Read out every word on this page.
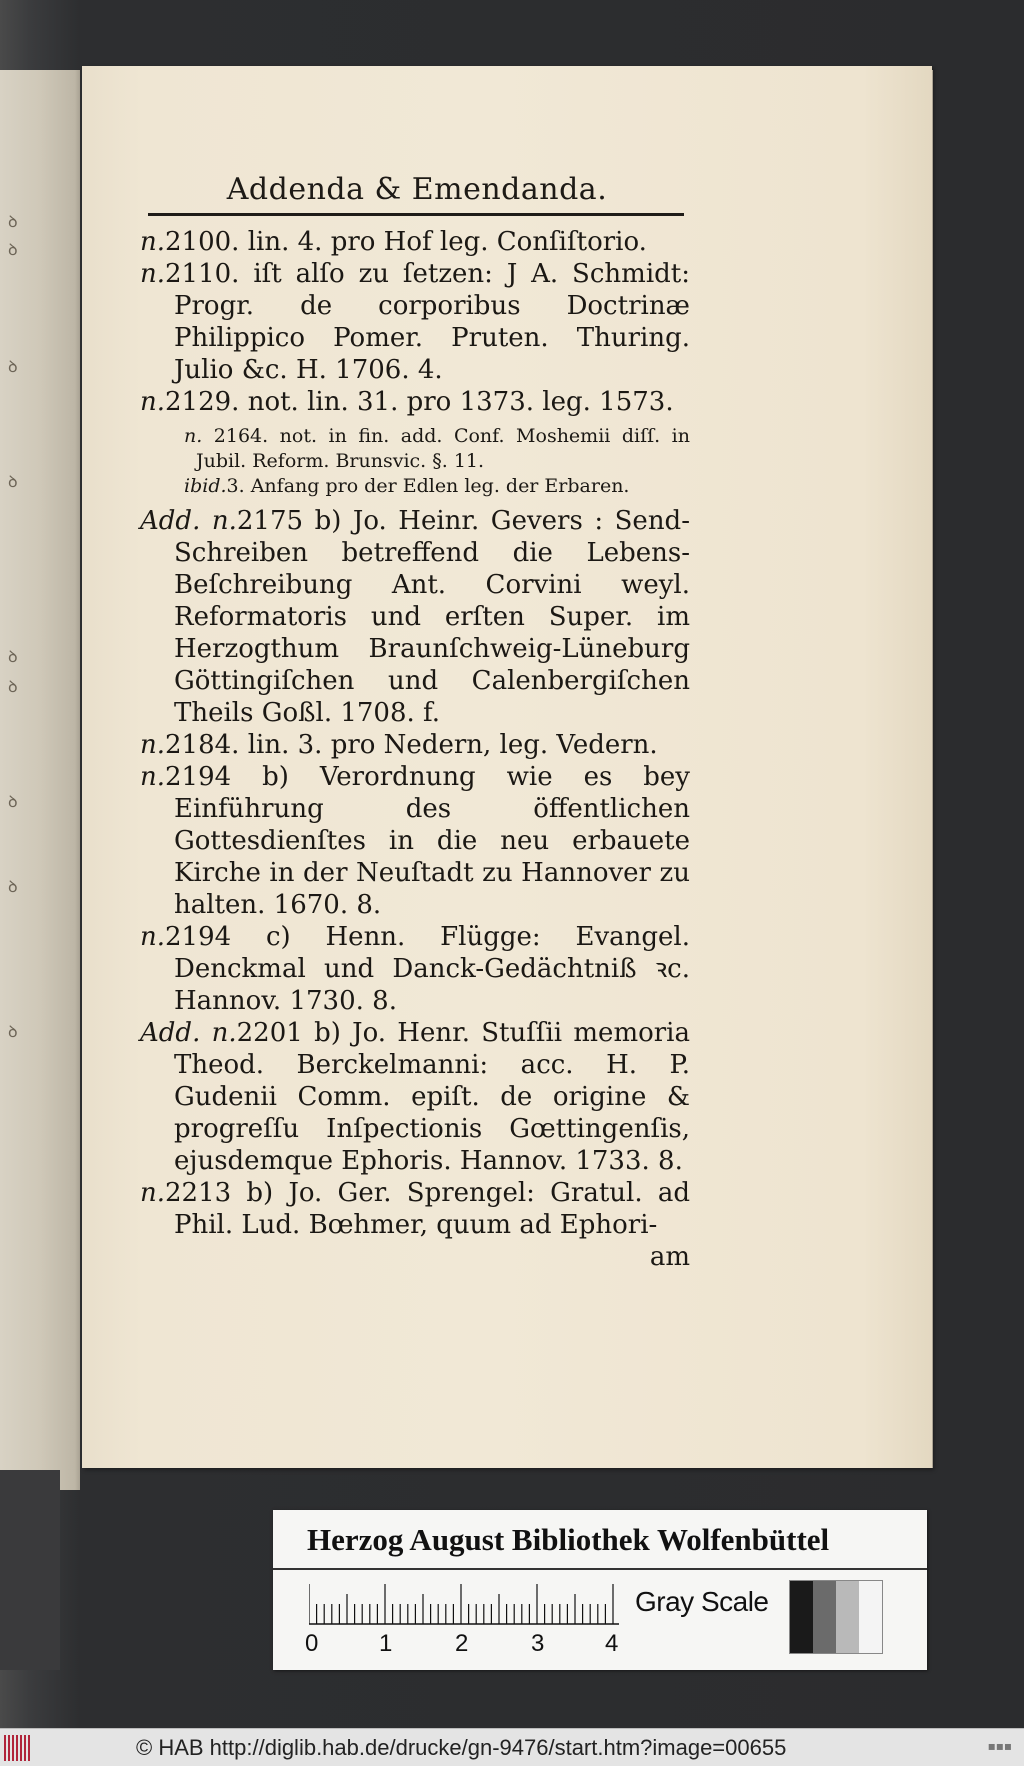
ꝺ
ꝺ
ꝺ
ꝺ
ꝺ
ꝺ
ꝺ
ꝺ
ꝺ
Addenda & Emendanda.

n.2100. lin. 4. pro Hof leg. Conſiſtorio.

n.2110. iſt alſo zu ſetzen: J A. Schmidt: Progr. de corporibus Doctrinæ Philippico Pomer. Pruten. Thuring. Julio &c. H. 1706. 4.

n.2129. not. lin. 31. pro 1373. leg. 1573.

n. 2164. not. in fin. add. Conf. Moshemii diſſ. in Jubil. Reform. Brunsvic. §. 11.

ibid.3. Anfang pro der Edlen leg. der Erbaren.

Add. n.2175 b) Jo. Heinr. Gevers : Send-Schreiben betreffend die Lebens-Beſchreibung Ant. Corvini weyl. Reformatoris und erſten Super. im Herzogthum Braunſchweig-Lüneburg Göttingiſchen und Calenbergiſchen Theils Goßl. 1708. f.

n.2184. lin. 3. pro Nedern, leg. Vedern.

n.2194 b) Verordnung wie es bey Einführung des öffentlichen Gottesdienſtes in die neu erbauete Kirche in der Neuſtadt zu Hannover zu halten. 1670. 8.

n.2194 c) Henn. Flügge: Evangel. Denckmal und Danck-Gedächtniß ꝛc. Hannov. 1730. 8.

Add. n.2201 b) Jo. Henr. Stuſſii memoria Theod. Berckelmanni: acc. H. P. Gudenii Comm. epiſt. de origine & progreſſu Inſpectionis Gœttingenſis, ejusdemque Ephoris. Hannov. 1733. 8.

n.2213 b) Jo. Ger. Sprengel: Gratul. ad Phil. Lud. Bœhmer, quum ad Ephori-

am

Herzog August Bibliothek Wolfenbüttel
0	1	2	3	4
Gray Scale
© HAB http://diglib.hab.de/drucke/gn-9476/start.htm?image=00655	▪▪▪
